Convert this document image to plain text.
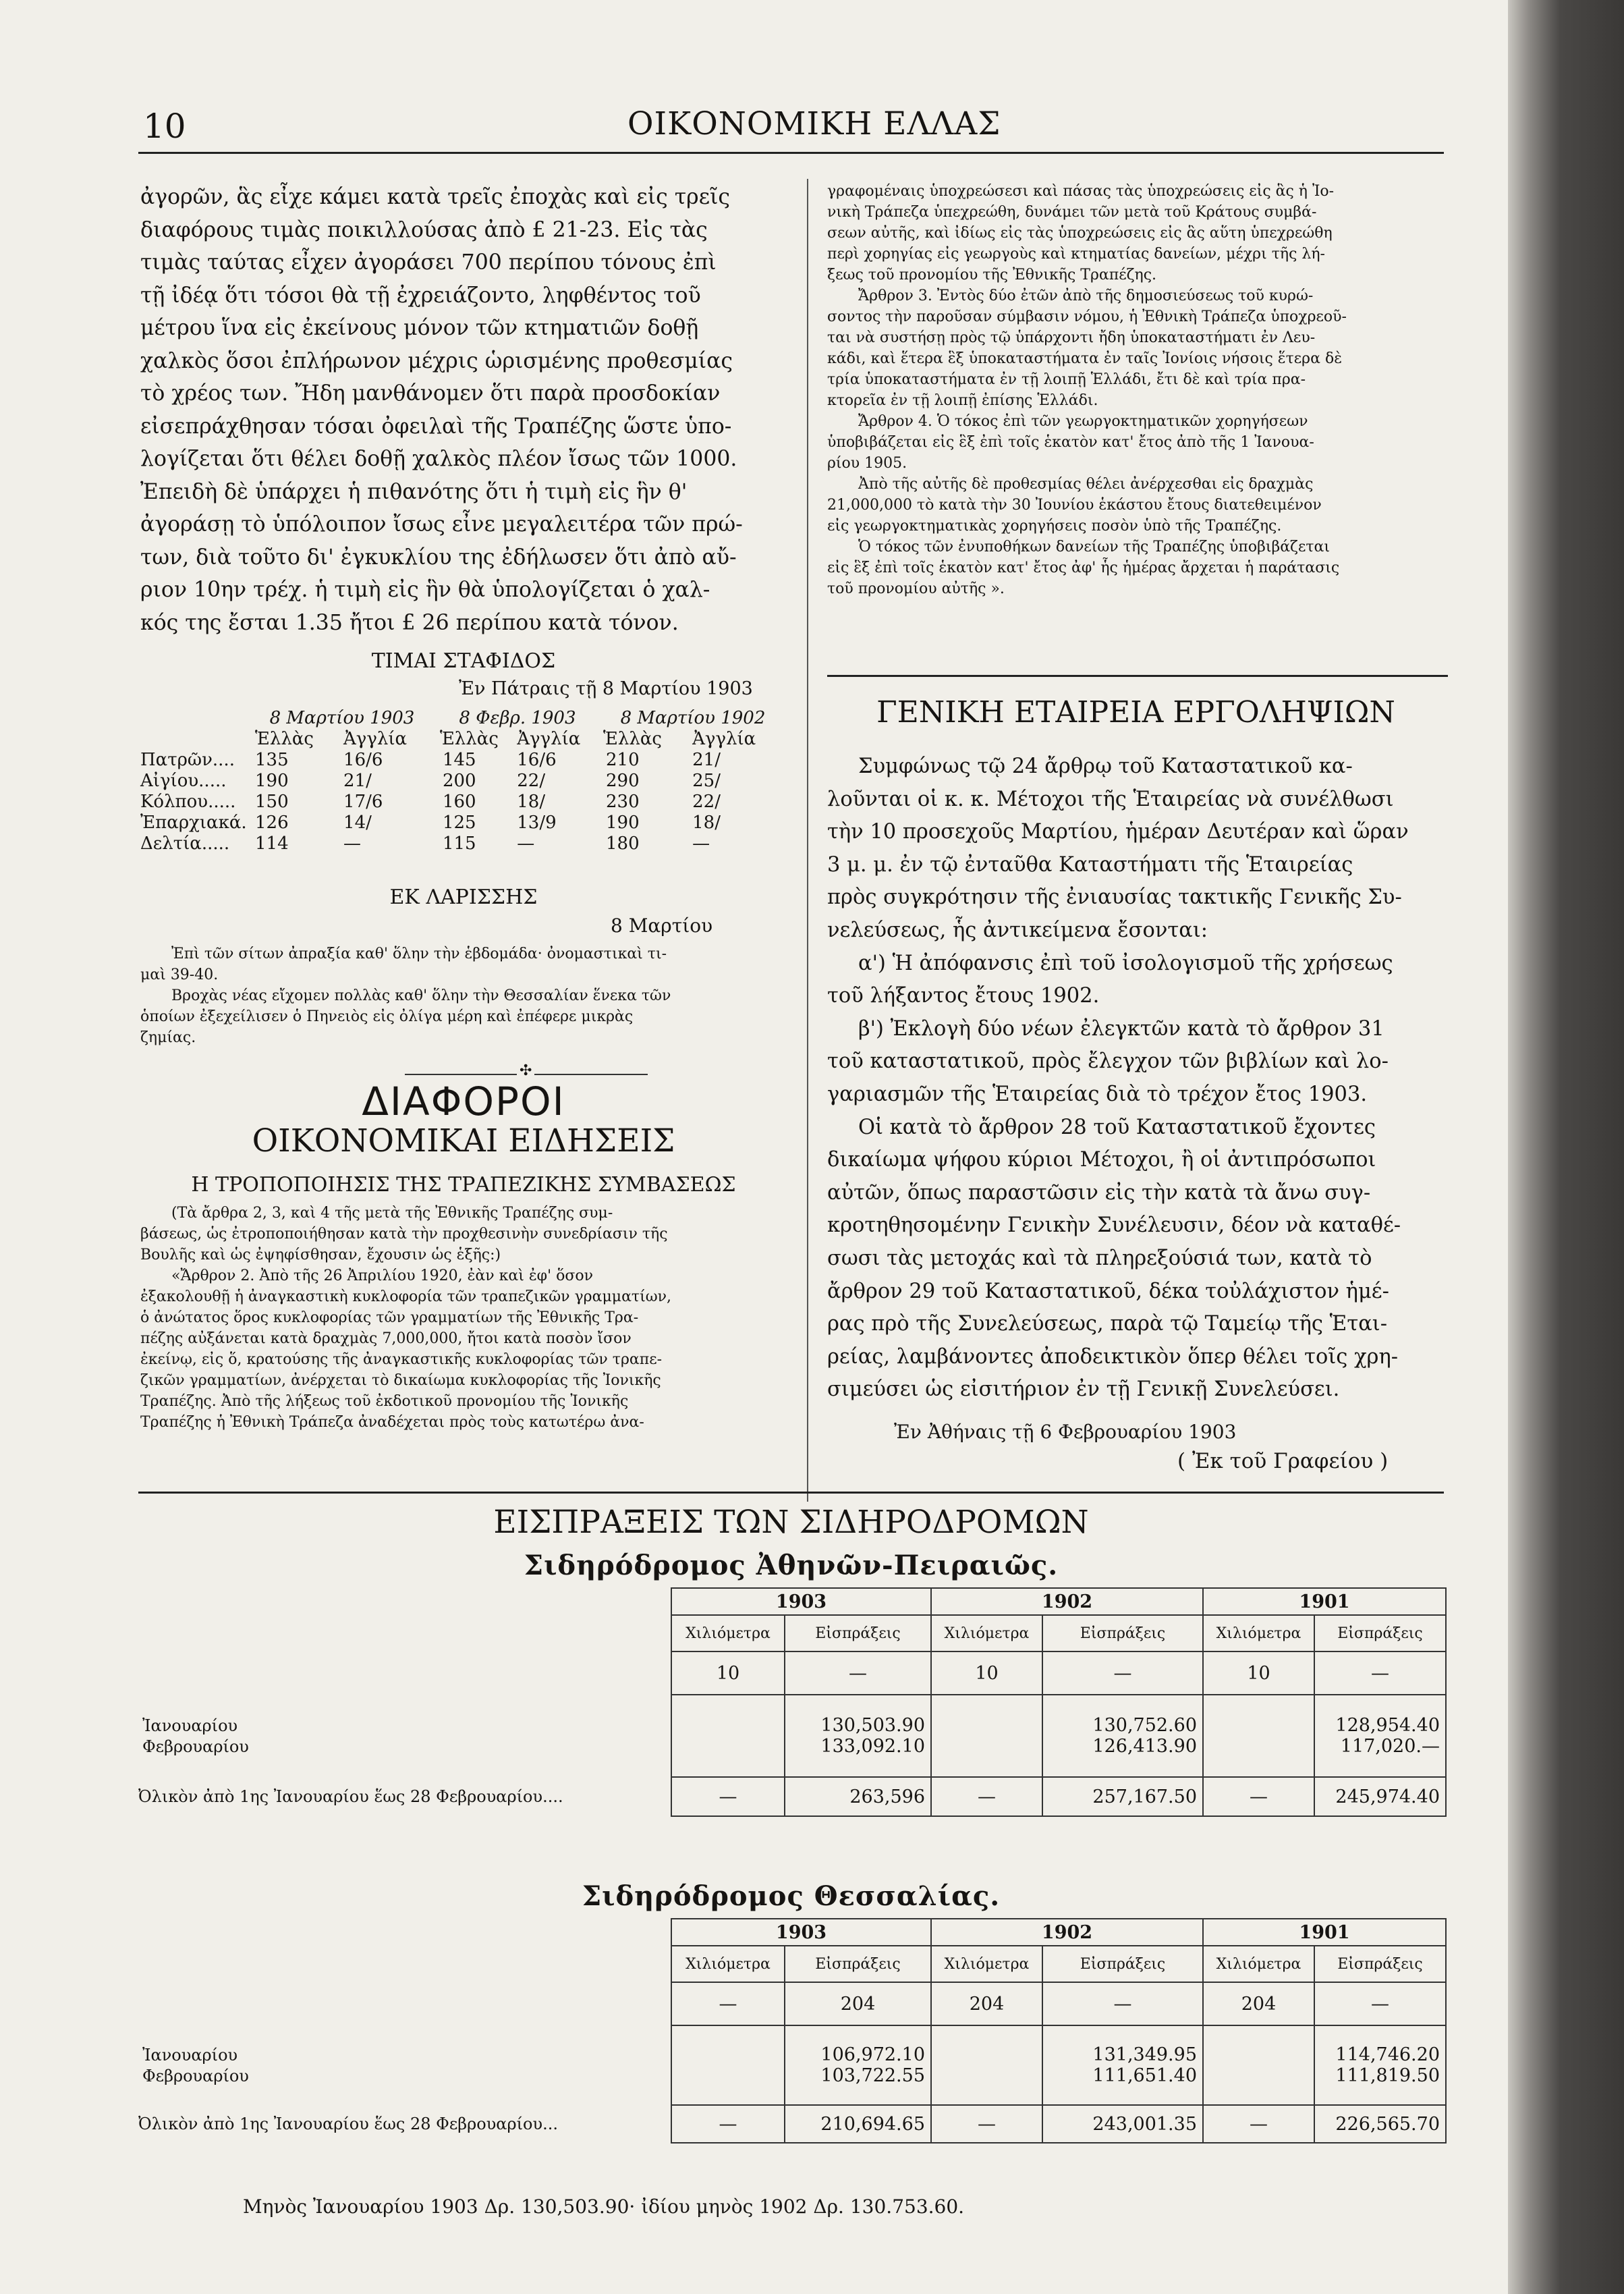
10	ΟΙΚΟΝΟΜΙΚΗ ΕΛΛΑΣ

ἀγορῶν, ἃς εἶχε κάμει κατὰ τρεῖς ἐποχὰς καὶ εἰς τρεῖς

διαφόρους τιμὰς ποικιλλούσας ἀπὸ £ 21-23. Εἰς τὰς

τιμὰς ταύτας εἶχεν ἀγοράσει 700 περίπου τόνους ἐπὶ

τῇ ἰδέᾳ ὅτι τόσοι θὰ τῇ ἐχρειάζοντο, ληφθέντος τοῦ

μέτρου ἵνα εἰς ἐκείνους μόνον τῶν κτηματιῶν δοθῇ

χαλκὸς ὅσοι ἐπλήρωνον μέχρις ὡρισμένης προθεσμίας

τὸ χρέος των. Ἤδη μανθάνομεν ὅτι παρὰ προσδοκίαν

εἰσεπράχθησαν τόσαι ὀφειλαὶ τῆς Τραπέζης ὥστε ὑπο-

λογίζεται ὅτι θέλει δοθῇ χαλκὸς πλέον ἴσως τῶν 1000.

Ἐπειδὴ δὲ ὑπάρχει ἡ πιθανότης ὅτι ἡ τιμὴ εἰς ἣν θ'

ἀγοράσῃ τὸ ὑπόλοιπον ἴσως εἶνε μεγαλειτέρα τῶν πρώ-

των, διὰ τοῦτο δι' ἐγκυκλίου της ἐδήλωσεν ὅτι ἀπὸ αὔ-

ριον 10ην τρέχ. ἡ τιμὴ εἰς ἣν θὰ ὑπολογίζεται ὁ χαλ-

κός της ἔσται 1.35 ἤτοι £ 26 περίπου κατὰ τόνον.

ΤΙΜΑΙ ΣΤΑΦΙΔΟΣ
Ἐν Πάτραις τῇ 8 Μαρτίου 1903
	8 Μαρτίου 1903		8 Φεβρ. 1903		8 Μαρτίου 1902	
	Ἑλλὰς	Ἀγγλία	Ἑλλὰς	Ἀγγλία	Ἑλλὰς	Ἀγγλία
Πατρῶν....	135	16/6	145	16/6	210	21/
Αἰγίου.....	190	21/	200	22/	290	25/
Κόλπου.....	150	17/6	160	18/	230	22/
Ἐπαρχιακά.	126	14/	125	13/9	190	18/
Δελτία.....	114	—	115	—	180	—
ΕΚ ΛΑΡΙΣΣΗΣ
8 Μαρτίου

Ἐπὶ τῶν σίτων ἀπραξία καθ' ὅλην τὴν ἑβδομάδα· ὀνομαστικαὶ τι-

μαὶ 39-40.

Βροχὰς νέας εἴχομεν πολλὰς καθ' ὅλην τὴν Θεσσαλίαν ἕνεκα τῶν

ὁποίων ἐξεχείλισεν ὁ Πηνειὸς εἰς ὀλίγα μέρη καὶ ἐπέφερε μικρὰς

ζημίας.

✣
ΔΙΑΦΟΡΟΙ
ΟΙΚΟΝΟΜΙΚΑΙ ΕΙΔΗΣΕΙΣ
Η ΤΡΟΠΟΠΟΙΗΣΙΣ ΤΗΣ ΤΡΑΠΕΖΙΚΗΣ ΣΥΜΒΑΣΕΩΣ

(Τὰ ἄρθρα 2, 3, καὶ 4 τῆς μετὰ τῆς Ἐθνικῆς Τραπέζης συμ-

βάσεως, ὡς ἐτροποποιήθησαν κατὰ τὴν προχθεσινὴν συνεδρίασιν τῆς

Βουλῆς καὶ ὡς ἐψηφίσθησαν, ἔχουσιν ὡς ἑξῆς:)

«Ἄρθρον 2. Ἀπὸ τῆς 26 Ἀπριλίου 1920, ἐὰν καὶ ἐφ' ὅσον

ἐξακολουθῇ ἡ ἀναγκαστικὴ κυκλοφορία τῶν τραπεζικῶν γραμματίων,

ὁ ἀνώτατος ὅρος κυκλοφορίας τῶν γραμματίων τῆς Ἐθνικῆς Τρα-

πέζης αὐξάνεται κατὰ δραχμὰς 7,000,000, ἤτοι κατὰ ποσὸν ἴσον

ἐκείνῳ, εἰς ὅ, κρατούσης τῆς ἀναγκαστικῆς κυκλοφορίας τῶν τραπε-

ζικῶν γραμματίων, ἀνέρχεται τὸ δικαίωμα κυκλοφορίας τῆς Ἰονικῆς

Τραπέζης. Ἀπὸ τῆς λήξεως τοῦ ἐκδοτικοῦ προνομίου τῆς Ἰονικῆς

Τραπέζης ἡ Ἐθνικὴ Τράπεζα ἀναδέχεται πρὸς τοὺς κατωτέρω ἀνα-

γραφομέναις ὑποχρεώσεσι καὶ πάσας τὰς ὑποχρεώσεις εἰς ἃς ἡ Ἰο-

νικὴ Τράπεζα ὑπεχρεώθη, δυνάμει τῶν μετὰ τοῦ Κράτους συμβά-

σεων αὐτῆς, καὶ ἰδίως εἰς τὰς ὑποχρεώσεις εἰς ἃς αὕτη ὑπεχρεώθη

περὶ χορηγίας εἰς γεωργοὺς καὶ κτηματίας δανείων, μέχρι τῆς λή-

ξεως τοῦ προνομίου τῆς Ἐθνικῆς Τραπέζης.

Ἄρθρον 3. Ἐντὸς δύο ἐτῶν ἀπὸ τῆς δημοσιεύσεως τοῦ κυρώ-

σοντος τὴν παροῦσαν σύμβασιν νόμου, ἡ Ἐθνικὴ Τράπεζα ὑποχρεοῦ-

ται νὰ συστήσῃ πρὸς τῷ ὑπάρχοντι ἤδη ὑποκαταστήματι ἐν Λευ-

κάδι, καὶ ἕτερα ἓξ ὑποκαταστήματα ἐν ταῖς Ἰονίοις νήσοις ἕτερα δὲ

τρία ὑποκαταστήματα ἐν τῇ λοιπῇ Ἑλλάδι, ἔτι δὲ καὶ τρία πρα-

κτορεῖα ἐν τῇ λοιπῇ ἐπίσης Ἑλλάδι.

Ἄρθρον 4. Ὁ τόκος ἐπὶ τῶν γεωργοκτηματικῶν χορηγήσεων

ὑποβιβάζεται εἰς ἓξ ἐπὶ τοῖς ἑκατὸν κατ' ἔτος ἀπὸ τῆς 1 Ἰανουα-

ρίου 1905.

Ἀπὸ τῆς αὐτῆς δὲ προθεσμίας θέλει ἀνέρχεσθαι εἰς δραχμὰς

21,000,000 τὸ κατὰ τὴν 30 Ἰουνίου ἑκάστου ἔτους διατεθειμένον

εἰς γεωργοκτηματικὰς χορηγήσεις ποσὸν ὑπὸ τῆς Τραπέζης.

Ὁ τόκος τῶν ἐνυποθήκων δανείων τῆς Τραπέζης ὑποβιβάζεται

εἰς ἓξ ἐπὶ τοῖς ἑκατὸν κατ' ἔτος ἀφ' ἧς ἡμέρας ἄρχεται ἡ παράτασις

τοῦ προνομίου αὐτῆς ».

ΓΕΝΙΚΗ ΕΤΑΙΡΕΙΑ ΕΡΓΟΛΗΨΙΩΝ

Συμφώνως τῷ 24 ἄρθρῳ τοῦ Καταστατικοῦ κα-

λοῦνται οἱ κ. κ. Μέτοχοι τῆς Ἑταιρείας νὰ συνέλθωσι

τὴν 10 προσεχοῦς Μαρτίου, ἡμέραν Δευτέραν καὶ ὥραν

3 μ. μ. ἐν τῷ ἐνταῦθα Καταστήματι τῆς Ἑταιρείας

πρὸς συγκρότησιν τῆς ἐνιαυσίας τακτικῆς Γενικῆς Συ-

νελεύσεως, ἧς ἀντικείμενα ἔσονται:

α') Ἡ ἀπόφανσις ἐπὶ τοῦ ἰσολογισμοῦ τῆς χρήσεως

τοῦ λήξαντος ἔτους 1902.

β') Ἐκλογὴ δύο νέων ἐλεγκτῶν κατὰ τὸ ἄρθρον 31

τοῦ καταστατικοῦ, πρὸς ἔλεγχον τῶν βιβλίων καὶ λο-

γαριασμῶν τῆς Ἑταιρείας διὰ τὸ τρέχον ἔτος 1903.

Οἱ κατὰ τὸ ἄρθρον 28 τοῦ Καταστατικοῦ ἔχοντες

δικαίωμα ψήφου κύριοι Μέτοχοι, ἢ οἱ ἀντιπρόσωποι

αὐτῶν, ὅπως παραστῶσιν εἰς τὴν κατὰ τὰ ἄνω συγ-

κροτηθησομένην Γενικὴν Συνέλευσιν, δέον νὰ καταθέ-

σωσι τὰς μετοχάς καὶ τὰ πληρεξούσιά των, κατὰ τὸ

ἄρθρον 29 τοῦ Καταστατικοῦ, δέκα τοὐλάχιστον ἡμέ-

ρας πρὸ τῆς Συνελεύσεως, παρὰ τῷ Ταμείῳ τῆς Ἑται-

ρείας, λαμβάνοντες ἀποδεικτικὸν ὅπερ θέλει τοῖς χρη-

σιμεύσει ὡς εἰσιτήριον ἐν τῇ Γενικῇ Συνελεύσει.

Ἐν Ἀθήναις τῇ 6 Φεβρουαρίου 1903
( Ἐκ τοῦ Γραφείου )
ΕΙΣΠΡΑΞΕΙΣ ΤΩΝ ΣΙΔΗΡΟΔΡΟΜΩΝ
Σιδηρόδρομος Ἀθηνῶν-Πειραιῶς.
	1903		1902		1901	
	Χιλιόμετρα	Εἰσπράξεις	Χιλιόμετρα	Εἰσπράξεις	Χιλιόμετρα	Εἰσπράξεις
	10	—	10	—	10	—

Ἰανουαρίου		130,503.90		130,752.60		128,954.40
Φεβρουαρίου		133,092.10		126,413.90		117,020.—

Ὀλικὸν ἀπὸ 1ης Ἰανουαρίου ἕως 28 Φεβρουαρίου....	—	263,596	—	257,167.50	—	245,974.40
Σιδηρόδρομος Θεσσαλίας.
	1903		1902		1901	
	Χιλιόμετρα	Εἰσπράξεις	Χιλιόμετρα	Εἰσπράξεις	Χιλιόμετρα	Εἰσπράξεις
	—	204	204	—	204	—

Ἰανουαρίου		106,972.10		131,349.95		114,746.20
Φεβρουαρίου		103,722.55		111,651.40		111,819.50

Ὀλικὸν ἀπὸ 1ης Ἰανουαρίου ἕως 28 Φεβρουαρίου...	—	210,694.65	—	243,001.35	—	226,565.70
Μηνὸς Ἰανουαρίου 1903 Δρ. 130,503.90· ἰδίου μηνὸς 1902 Δρ. 130.753.60.
